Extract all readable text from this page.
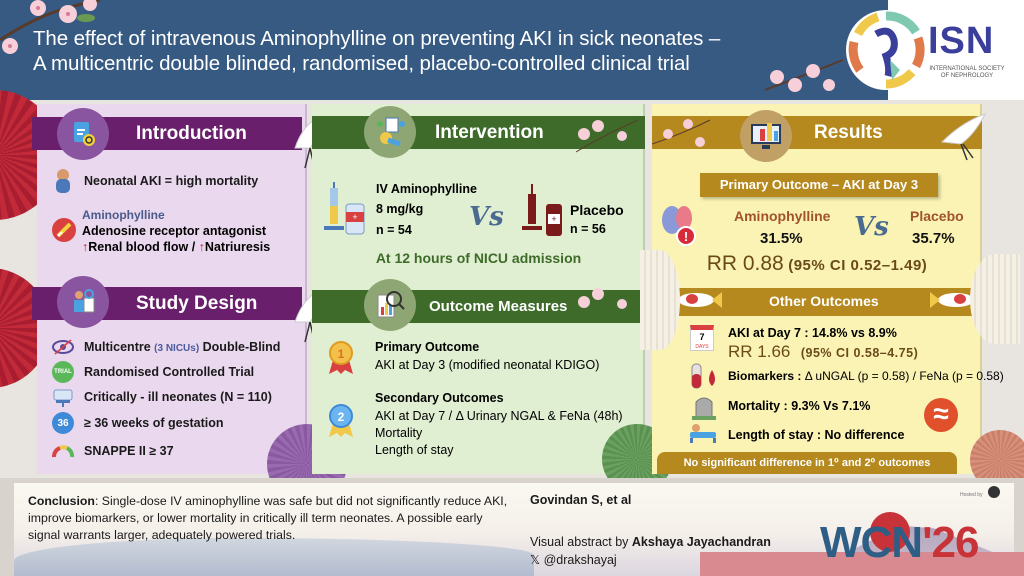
The effect of intravenous Aminophylline on preventing AKI in sick neonates –
A multicentric double blinded, randomised, placebo-controlled clinical trial
ISN
INTERNATIONAL SOCIETY
OF NEPHROLOGY
Introduction
Neonatal AKI = high mortality
Aminophylline
Adenosine receptor antagonist
↑Renal blood flow / ↑Natriuresis
Study Design
Multicentre (3 NICUs) Double-Blind
TRIAL Randomised Controlled Trial
Critically - ill neonates (N = 110)
36	≥ 36 weeks of gestation
SNAPPE II ≥ 37
Intervention
+
IV Aminophylline
8 mg/kg
n = 54 Vs	+
Placebo
n = 56
At 12 hours of NICU admission
Outcome Measures
1 Primary Outcome
AKI at Day 3 (modified neonatal KDIGO)
2
Secondary Outcomes
AKI at Day 7 / Δ Urinary NGAL & FeNa (48h)
Mortality
Length of stay
Results
Primary Outcome – AKI at Day 3
!
Aminophylline
31.5% Vs Placebo
35.7%
RR 0.88 (95% CI 0.52–1.49)
Other Outcomes
7
DAYS
AKI at Day 7 : 14.8% vs 8.9%
RR 1.66 (95% CI 0.58–4.75)
Biomarkers : Δ uNGAL (p = 0.58) / FeNa (p = 0.58)
Mortality : 9.3% Vs 7.1%
Length of stay : No difference
≈
No significant difference in 1⁰ and 2⁰ outcomes
Conclusion: Single-dose IV aminophylline was safe but did not significantly reduce AKI, improve biomarkers, or lower mortality in critically ill term neonates. A possible early signal warrants larger, adequately powered trials.
Govindan S, et al
Visual abstract by Akshaya Jayachandran
𝕏 @drakshayaj	WCN'26
Hosted by
